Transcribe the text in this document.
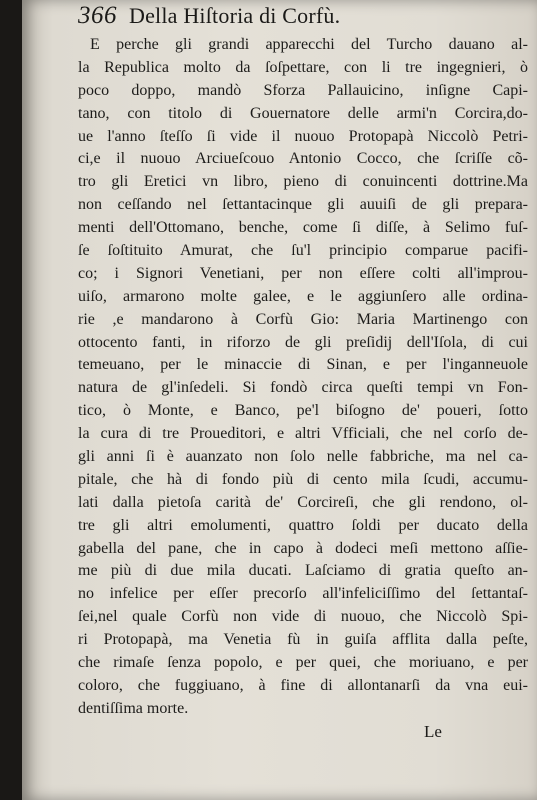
366 Della Hiſtoria di Corfù.
E perche gli grandi apparecchi del Turcho dauano al-
la Republica molto da ſoſpettare, con li tre ingegnieri, ò
poco doppo, mandò Sforza Pallauicino, inſigne Capi-
tano, con titolo di Gouernatore delle armi'n Corcira,do-
ue l'anno ſteſſo ſi vide il nuouo Protopapà Niccolò Petri-
ci,e il nuouo Arciueſcouo Antonio Cocco, che ſcriſſe cõ-
tro gli Eretici vn libro, pieno di conuincenti dottrine.Ma
non ceſſando nel ſettantacinque gli auuiſi de gli prepara-
menti dell'Ottomano, benche, come ſi diſſe, à Selimo fuſ-
ſe ſoſtituito Amurat, che ſu'l principio comparue pacifi-
co; i Signori Venetiani, per non eſſere colti all'improu-
uiſo, armarono molte galee, e le aggiunſero alle ordina-
rie ,e mandarono à Corfù Gio: Maria Martinengo con
ottocento fanti, in riforzo de gli preſidij dell'Iſola, di cui
temeuano, per le minaccie di Sinan, e per l'inganneuole
natura de gl'inſedeli. Si fondò circa queſti tempi vn Fon-
tico, ò Monte, e Banco, pe'l biſogno de' poueri, ſotto
la cura di tre Proueditori, e altri Vfficiali, che nel corſo de-
gli anni ſi è auanzato non ſolo nelle fabbriche, ma nel ca-
pitale, che hà di fondo più di cento mila ſcudi, accumu-
lati dalla pietoſa carità de' Corcireſi, che gli rendono, ol-
tre gli altri emolumenti, quattro ſoldi per ducato della
gabella del pane, che in capo à dodeci meſi mettono aſſie-
me più di due mila ducati. Laſciamo di gratia queſto an-
no infelice per eſſer precorſo all'infeliciſſimo del ſettantaſ-
ſei,nel quale Corfù non vide di nuouo, che Niccolò Spi-
ri Protopapà, ma Venetia fù in guiſa afflita dalla peſte,
che rimaſe ſenza popolo, e per quei, che moriuano, e per
coloro, che fuggiuano, à fine di allontanarſi da vna eui-
dentiſſima morte.
Le
